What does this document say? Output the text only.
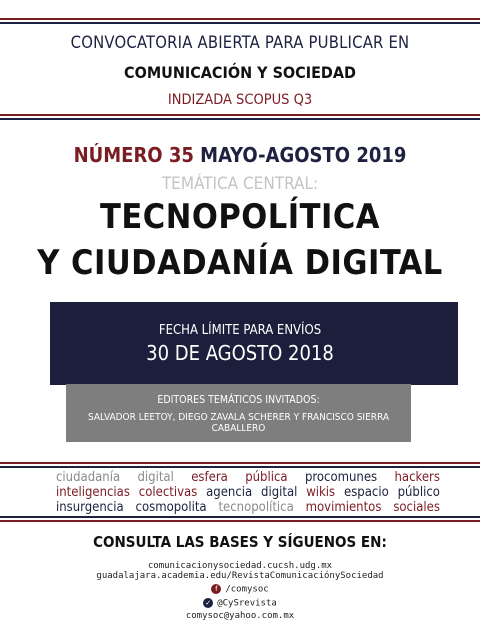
CONVOCATORIA ABIERTA PARA PUBLICAR EN
COMUNICACIÓN Y SOCIEDAD
INDIZADA SCOPUS Q3
NÚMERO 35 MAYO-AGOSTO 2019
TEMÁTICA CENTRAL:
TECNOPOLÍTICA
Y CIUDADANÍA DIGITAL
FECHA LÍMITE PARA ENVÍOS
30 DE AGOSTO 2018
EDITORES TEMÁTICOS INVITADOS:
SALVADOR LEETOY, DIEGO ZAVALA SCHERER Y FRANCISCO SIERRA CABALLERO
ciudadanía digital esfera pública procomunes hackers
inteligencias colectivas agencia digital wikis espacio público
insurgencia cosmopolita tecnopolítica movimientos sociales
CONSULTA LAS BASES Y SÍGUENOS EN:
comunicacionysociedad.cucsh.udg.mx
guadalajara.academia.edu/RevistaComunicaciónySociedad
f /comysoc
✓ @CySrevista
comysoc@yahoo.com.mx
